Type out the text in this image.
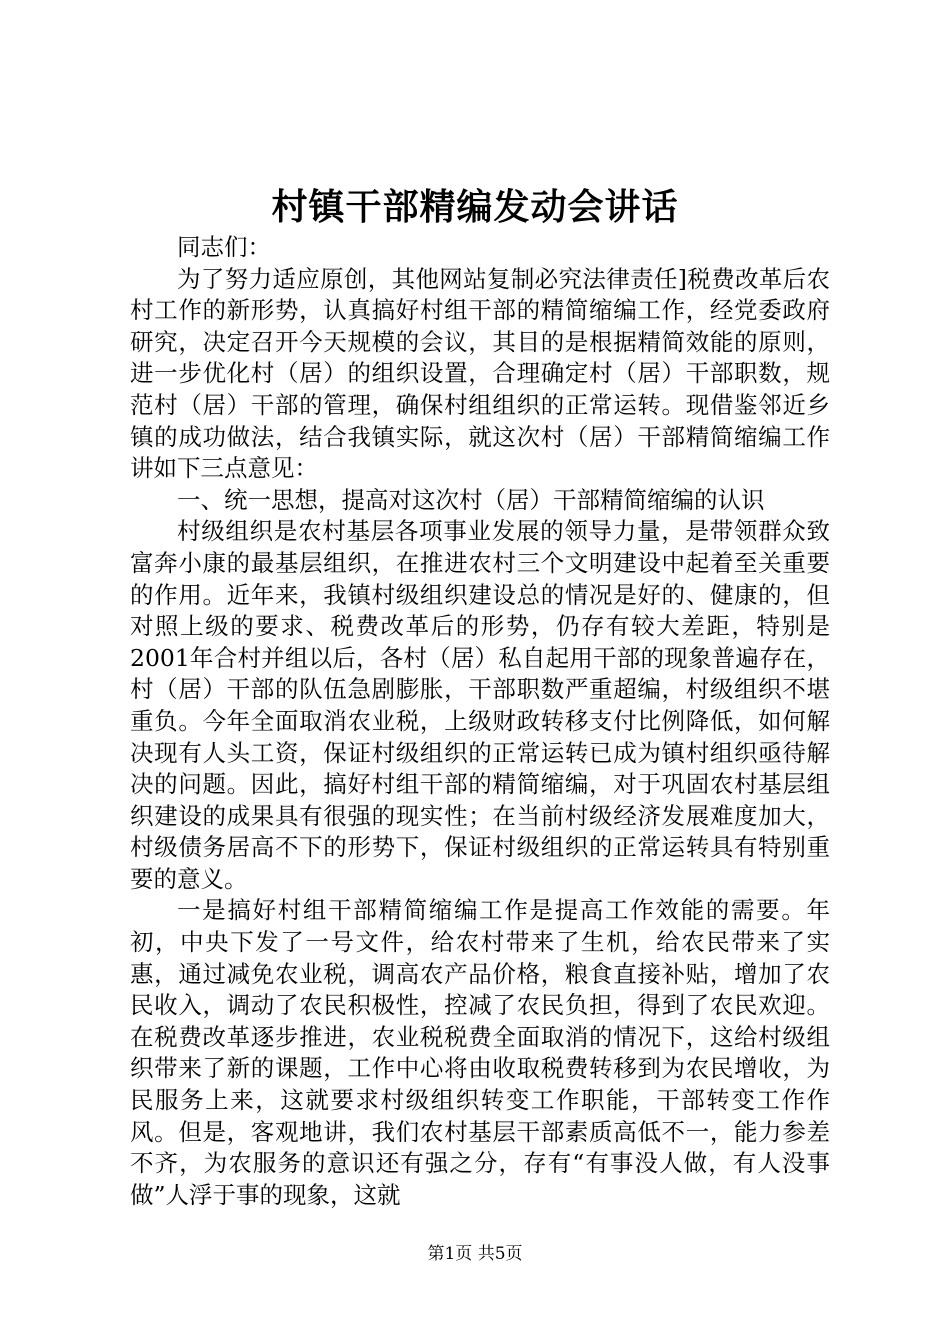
村镇干部精编发动会讲话

同志们：

为了努力适应原创，其他网站复制必究法律责任]税费改革后农村工作的新形势，认真搞好村组干部的精简缩编工作，经党委政府研究，决定召开今天规模的会议，其目的是根据精简效能的原则，进一步优化村（居）的组织设置，合理确定村（居）干部职数，规范村（居）干部的管理，确保村组组织的正常运转。现借鉴邻近乡镇的成功做法，结合我镇实际，就这次村（居）干部精简缩编工作讲如下三点意见：

一、统一思想，提高对这次村（居）干部精简缩编的认识

村级组织是农村基层各项事业发展的领导力量，是带领群众致富奔小康的最基层组织，在推进农村三个文明建设中起着至关重要的作用。近年来，我镇村级组织建设总的情况是好的、健康的，但对照上级的要求、税费改革后的形势，仍存有较大差距，特别是2001年合村并组以后，各村（居）私自起用干部的现象普遍存在，村（居）干部的队伍急剧膨胀，干部职数严重超编，村级组织不堪重负。今年全面取消农业税，上级财政转移支付比例降低，如何解决现有人头工资，保证村级组织的正常运转已成为镇村组织亟待解决的问题。因此，搞好村组干部的精简缩编，对于巩固农村基层组织建设的成果具有很强的现实性；在当前村级经济发展难度加大，村级债务居高不下的形势下，保证村级组织的正常运转具有特别重要的意义。

一是搞好村组干部精简缩编工作是提高工作效能的需要。年初，中央下发了一号文件，给农村带来了生机，给农民带来了实惠，通过减免农业税，调高农产品价格，粮食直接补贴，增加了农民收入，调动了农民积极性，控减了农民负担，得到了农民欢迎。在税费改革逐步推进，农业税税费全面取消的情况下，这给村级组织带来了新的课题，工作中心将由收取税费转移到为农民增收，为民服务上来，这就要求村级组织转变工作职能，干部转变工作作风。但是，客观地讲，我们农村基层干部素质高低不一，能力参差不齐，为农服务的意识还有强之分，存有“有事没人做，有人没事做”人浮于事的现象，这就

第1页 共5页
